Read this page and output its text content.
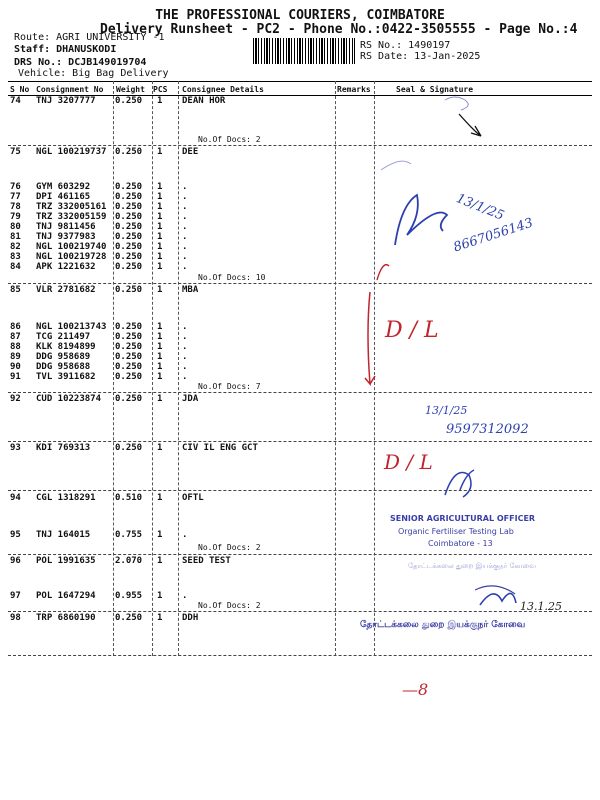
THE PROFESSIONAL COURIERS, COIMBATORE
Delivery Runsheet - PC2 - Phone No.:0422-3505555 - Page No.:4
Route: AGRI UNIVERSITY -1
Staff: DHANUSKODI
DRS No.: DCJB149019704
Vehicle: Big Bag Delivery
RS No.: 1490197
RS Date: 13-Jan-2025
S No Consignment No Weight PCS Consignee Details	Remarks	Seal & Signature
74 TNJ 3207777 0.250 1 DEAN HOR
75 NGL 100219737 0.250 1 DEE
76 GYM 603292	0.250 1 .
77 DPI 461165	0.250 1 .
78 TRZ 332005161 0.250 1 .
79 TRZ 332005159 0.250 1 .
80 TNJ 9811456 0.250 1 .
81 TNJ 9377983 0.250 1 .
82 NGL 100219740 0.250 1 .
83 NGL 100219728 0.250 1 .
84 APK 1221632 0.250 1 .
85 VLR 2781682 0.250 1 MBA
86 NGL 100213743 0.250 1 .
87 TCG 211497	0.250 1 .
88 KLK 8194899 0.250 1 .
89 DDG 958689	0.250 1 .
90 DDG 958688	0.250 1 .
91 TVL 3911682 0.250 1 .
92 CUD 10223874 0.250 1 JDA
93 KDI 769313	0.250 1 CIV IL ENG GCT
94 CGL 1318291 0.510 1 OFTL
95 TNJ 164015	0.755 1 .
96 POL 1991635 2.070 1 SEED TEST
97 POL 1647294 0.955 1 .
98 TRP 6860190 0.250 1 DDH
No.Of Docs: 2
No.Of Docs: 10
No.Of Docs: 7
No.Of Docs: 2
No.Of Docs: 2
13/1/25
8667056143
D / L
13/1/25
9597312092
D / L
13.1.25
—8
SENIOR AGRICULTURAL OFFICER
Organic Fertiliser Testing Lab
Coimbatore - 13
தோட்டக்கலை துறை இயக்குநர் கோவை
தோட்டக்கலை துறை இயக்குநர் கோவை
